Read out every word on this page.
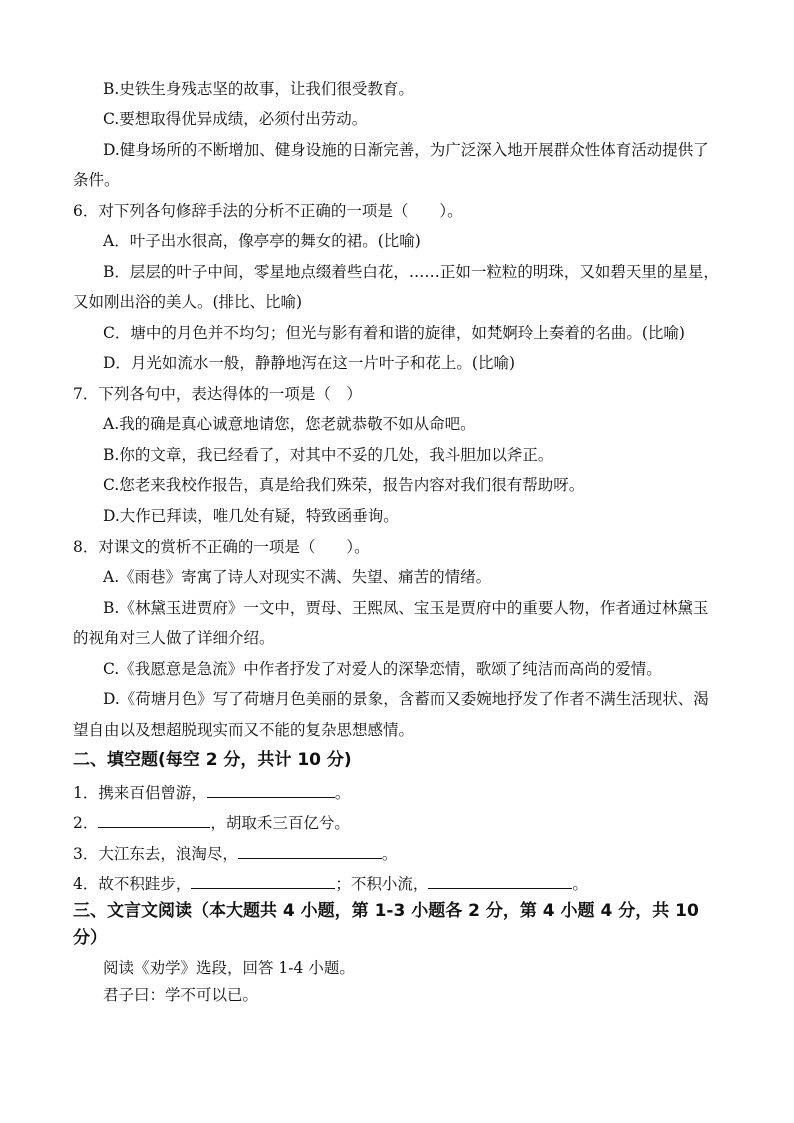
B.史铁生身残志坚的故事，让我们很受教育。
C.要想取得优异成绩，必须付出劳动。
D.健身场所的不断增加、健身设施的日渐完善，为广泛深入地开展群众性体育活动提供了
条件。
6．对下列各句修辞手法的分析不正确的一项是（　　）。
A．叶子出水很高，像亭亭的舞女的裙。(比喻)
B．层层的叶子中间，零星地点缀着些白花，……正如一粒粒的明珠，又如碧天里的星星，
又如刚出浴的美人。(排比、比喻)
C．塘中的月色并不均匀；但光与影有着和谐的旋律，如梵婀玲上奏着的名曲。(比喻)
D．月光如流水一般，静静地泻在这一片叶子和花上。(比喻)
7．下列各句中，表达得体的一项是（　）
A.我的确是真心诚意地请您，您老就恭敬不如从命吧。
B.你的文章，我已经看了，对其中不妥的几处，我斗胆加以斧正。
C.您老来我校作报告，真是给我们殊荣，报告内容对我们很有帮助呀。
D.大作已拜读，唯几处有疑，特致函垂询。
8．对课文的赏析不正确的一项是（　　）。
A.《雨巷》寄寓了诗人对现实不满、失望、痛苦的情绪。
B.《林黛玉进贾府》一文中，贾母、王熙凤、宝玉是贾府中的重要人物，作者通过林黛玉
的视角对三人做了详细介绍。
C.《我愿意是急流》中作者抒发了对爱人的深挚恋情，歌颂了纯洁而高尚的爱情。
D.《荷塘月色》写了荷塘月色美丽的景象，含蓄而又委婉地抒发了作者不满生活现状、渴
望自由以及想超脱现实而又不能的复杂思想感情。
二、填空题(每空 2 分，共计 10 分)
1．携来百侣曾游，	。
2．	，胡取禾三百亿兮。
3．大江东去，浪淘尽，	。
4．故不积跬步，	；不积小流，	。
三、文言文阅读（本大题共 4 小题，第 1-3 小题各 2 分，第 4 小题 4 分，共 10
分）
阅读《劝学》选段，回答 1-4 小题。
君子曰：学不可以已。
